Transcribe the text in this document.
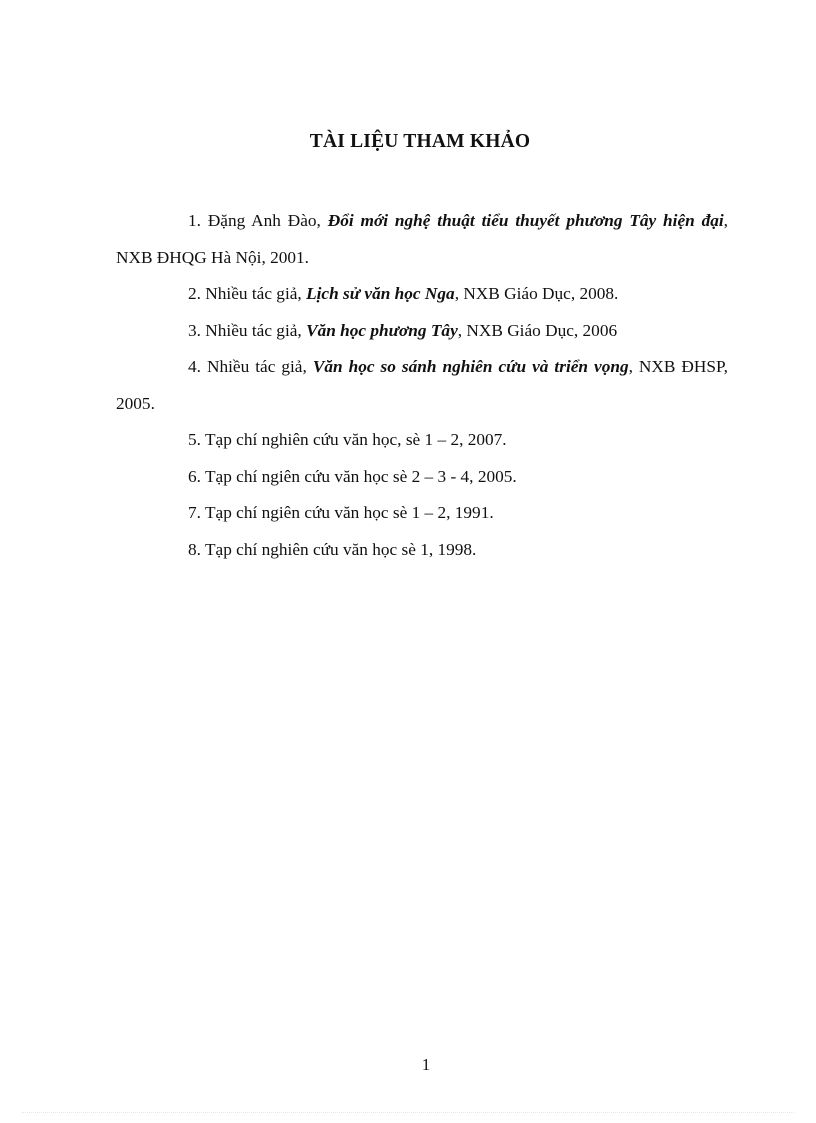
TÀI LIỆU THAM KHẢO

1. Đặng Anh Đào, Đổi mới nghệ thuật tiểu thuyết phương Tây hiện đại, NXB ĐHQG Hà Nội, 2001.

2. Nhiều tác giả, Lịch sử văn học Nga, NXB Giáo Dục, 2008.

3. Nhiều tác giả, Văn học phương Tây, NXB Giáo Dục, 2006

4. Nhiều tác giả, Văn học so sánh nghiên cứu và triển vọng, NXB ĐHSP, 2005.

5. Tạp chí nghiên cứu văn học, sè 1 – 2, 2007.

6. Tạp chí ngiên cứu văn học sè 2 – 3 - 4, 2005.

7. Tạp chí ngiên cứu văn học sè 1 – 2, 1991.

8. Tạp chí nghiên cứu văn học sè 1, 1998.

1
